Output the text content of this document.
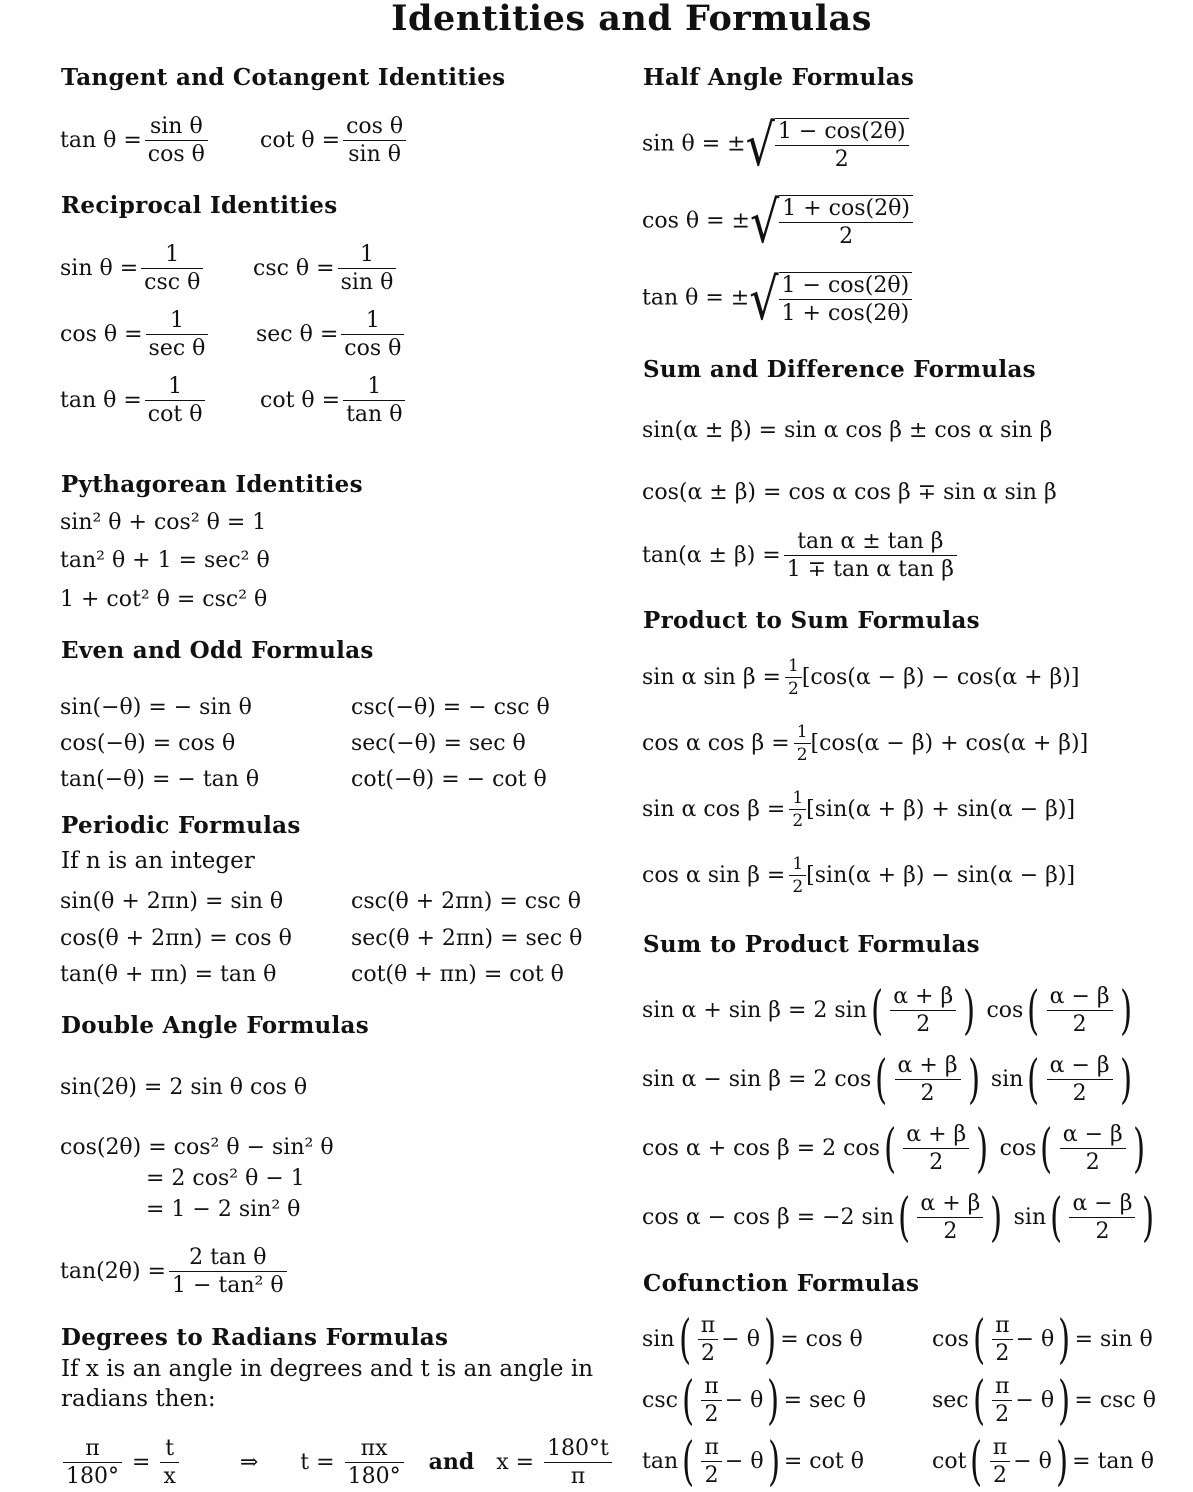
Identities and Formulas
Tangent and Cotangent Identities
$\tan \theta = \frac{\text{sin θ}}{\text{cos θ}}$ $\cot \theta = \frac{\text{cos θ}}{\text{sin θ}}$
Reciprocal Identities
$\sin \theta = \frac{1}{\text{csc θ}}$ $\csc \theta = \frac{1}{\text{sin θ}}$
$\cos \theta = \frac{1}{\text{sec θ}}$ $\sec \theta = \frac{1}{\text{cos θ}}$
$\tan \theta = \frac{1}{\text{cot θ}}$ $\cot \theta = \frac{1}{\text{tan θ}}$
Pythagorean Identities
sin² θ + cos² θ = 1
tan² θ + 1 = sec² θ
1 + cot² θ = csc² θ
Even and Odd Formulas
sin(−θ) = − sin θ
cos(−θ) = cos θ
tan(−θ) = − tan θ
csc(−θ) = − csc θ
sec(−θ) = sec θ
cot(−θ) = − cot θ
Periodic Formulas
If n is an integer
sin(θ + 2πn) = sin θ
cos(θ + 2πn) = cos θ
tan(θ + πn) = tan θ
csc(θ + 2πn) = csc θ
sec(θ + 2πn) = sec θ
cot(θ + πn) = cot θ
Double Angle Formulas
sin(2θ) = 2 sin θ cos θ
cos(2θ) = cos² θ − sin² θ
= 2 cos² θ − 1
= 1 − 2 sin² θ
$\tan(2\theta) = \frac{\text{2 tan θ}}{\text{1 − tan² θ}}$
Degrees to Radians Formulas
If x is an angle in degrees and t is an angle in
radians then:
$\frac{\pi}{180^\circ} = \frac{t}{x}$	⇒ $t = \frac{\pi x}{180^\circ}$ and $x = \frac{180^\circ t}{\pi}$
Half Angle Formulas
sin θ = ±√ $\frac{1 - \cos(2\theta)}{2}$
cos θ = ±√ $\frac{1 + \cos(2\theta)}{2}$
tan θ = ±√ $\frac{1 - \cos(2\theta)}{1 + \cos(2\theta)}$
Sum and Difference Formulas
sin(α ± β) = sin α cos β ± cos α sin β
cos(α ± β) = cos α cos β ∓ sin α sin β
$\tan(\alpha \pm \beta) = \frac{\text{tan α ± tan β}}{\text{1 ∓ tan α tan β}}$
Product to Sum Formulas
sin α $\sin \beta = \frac{1}{2} [\cos(\alpha - \beta) - \cos(\alpha + \beta)]$
cos α $\cos \beta = \frac{1}{2} [\cos(\alpha - \beta) + \cos(\alpha + \beta)]$
sin α $\cos \beta = \frac{1}{2} [\sin(\alpha + \beta) + \sin(\alpha - \beta)]$
cos α $\sin \beta = \frac{1}{2} [\sin(\alpha + \beta) - \sin(\alpha - \beta)]$
Sum to Product Formulas
sin α + sin β = 2 $\sin( \frac{\alpha + \beta}{2}$ ) $\cos( \frac{\alpha - \beta}{2}$ )
sin α − sin β = 2 $\cos( \frac{\alpha + \beta}{2}$ ) $\sin( \frac{\alpha - \beta}{2}$ )
cos α + cos β = 2 $\cos( \frac{\alpha + \beta}{2}$ ) $\cos( \frac{\alpha - \beta}{2}$ )
cos α − cos β = −2 $\sin( \frac{\alpha + \beta}{2}$ ) $\sin( \frac{\alpha - \beta}{2}$ )
Cofunction Formulas
$\sin( \frac{\pi}{2} - \theta) = \cos \theta$
$\csc( \frac{\pi}{2} - \theta) = \sec \theta$
$\tan( \frac{\pi}{2} - \theta) = \cot \theta$
$\cos( \frac{\pi}{2} - \theta) = \sin \theta$
$\sec( \frac{\pi}{2} - \theta) = \csc \theta$
$\cot( \frac{\pi}{2} - \theta) = \tan \theta$
